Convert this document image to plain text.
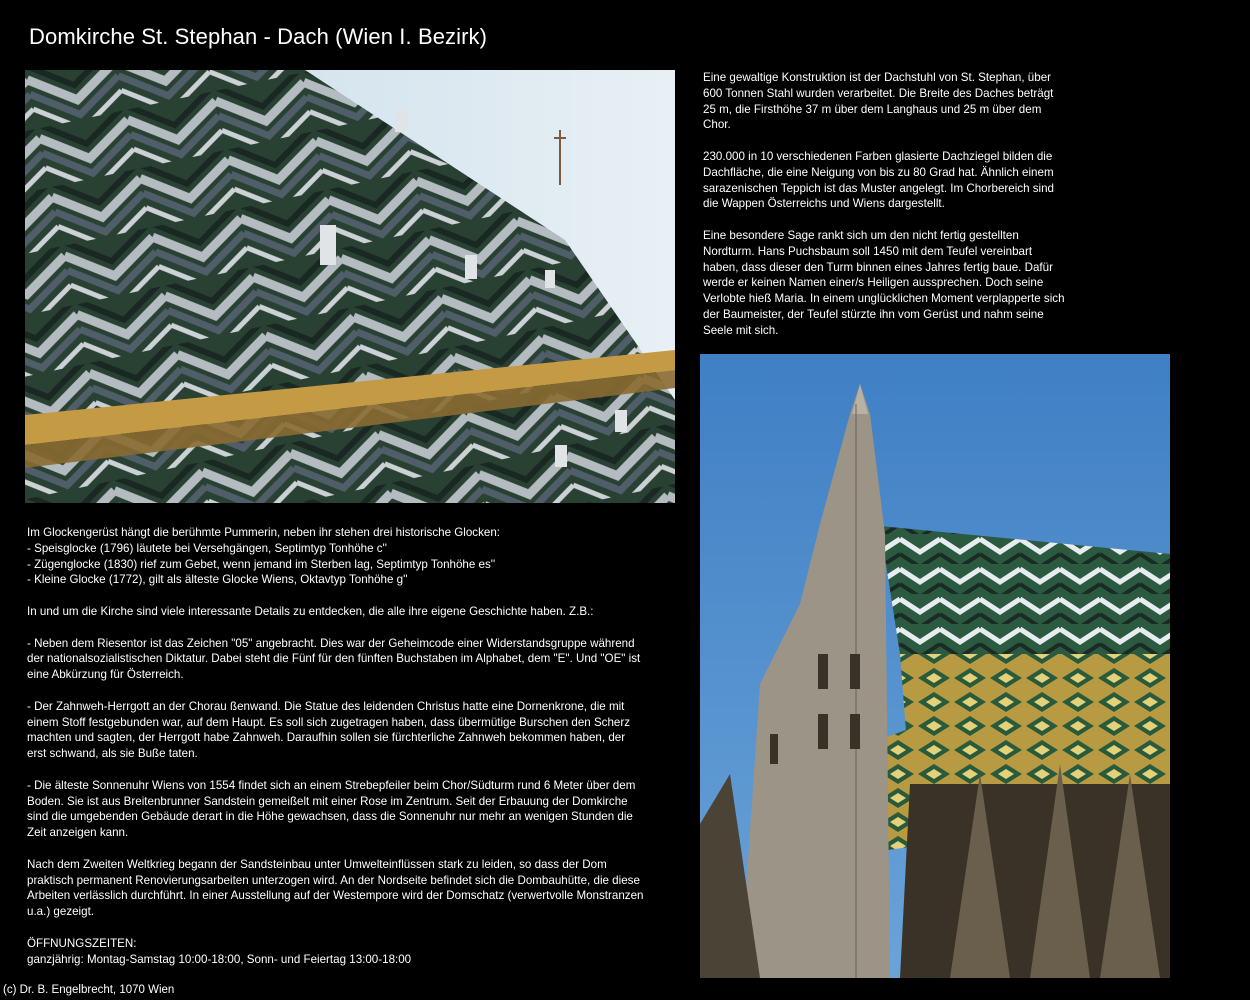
Domkirche St. Stephan - Dach (Wien I. Bezirk)

Eine gewaltige Konstruktion ist der Dachstuhl von St. Stephan, über 600 Tonnen Stahl wurden verarbeitet. Die Breite des Daches beträgt 25 m, die Firsthöhe 37 m über dem Langhaus und 25 m über dem Chor.

230.000 in 10 verschiedenen Farben glasierte Dachziegel bilden die Dachfläche, die eine Neigung von bis zu 80 Grad hat. Ähnlich einem sarazenischen Teppich ist das Muster angelegt. Im Chorbereich sind die Wappen Österreichs und Wiens dargestellt.

Eine besondere Sage rankt sich um den nicht fertig gestellten Nordturm. Hans Puchsbaum soll 1450 mit dem Teufel vereinbart haben, dass dieser den Turm binnen eines Jahres fertig baue. Dafür werde er keinen Namen einer/s Heiligen aussprechen. Doch seine Verlobte hieß Maria. In einem unglücklichen Moment verplapperte sich der Baumeister, der Teufel stürzte ihn vom Gerüst und nahm seine Seele mit sich.

Im Glockengerüst hängt die berühmte Pummerin, neben ihr stehen drei historische Glocken:
- Speisglocke (1796) läutete bei Versehgängen, Septimtyp Tonhöhe c''
- Zügenglocke (1830) rief zum Gebet, wenn jemand im Sterben lag, Septimtyp Tonhöhe es''
- Kleine Glocke (1772), gilt als älteste Glocke Wiens, Oktavtyp Tonhöhe g''

In und um die Kirche sind viele interessante Details zu entdecken, die alle ihre eigene Geschichte haben. Z.B.:

- Neben dem Riesentor ist das Zeichen "05" angebracht. Dies war der Geheimcode einer Widerstandsgruppe während der nationalsozialistischen Diktatur. Dabei steht die Fünf für den fünften Buchstaben im Alphabet, dem "E". Und "OE" ist eine Abkürzung für Österreich.

- Der Zahnweh-Herrgott an der Chorau ßenwand. Die Statue des leidenden Christus hatte eine Dornenkrone, die mit einem Stoff festgebunden war, auf dem Haupt. Es soll sich zugetragen haben, dass übermütige Burschen den Scherz machten und sagten, der Herrgott habe Zahnweh. Daraufhin sollen sie fürchterliche Zahnweh bekommen haben, der erst schwand, als sie Buße taten.

- Die älteste Sonnenuhr Wiens von 1554 findet sich an einem Strebepfeiler beim Chor/Südturm rund 6 Meter über dem Boden. Sie ist aus Breitenbrunner Sandstein gemeißelt mit einer Rose im Zentrum. Seit der Erbauung der Domkirche sind die umgebenden Gebäude derart in die Höhe gewachsen, dass die Sonnenuhr nur mehr an wenigen Stunden die Zeit anzeigen kann.

Nach dem Zweiten Weltkrieg begann der Sandsteinbau unter Umwelteinflüssen stark zu leiden, so dass der Dom praktisch permanent Renovierungsarbeiten unterzogen wird. An der Nordseite befindet sich die Dombauhütte, die diese Arbeiten verlässlich durchführt. In einer Ausstellung auf der Westempore wird der Domschatz (verwertvolle Monstranzen u.a.) gezeigt.

ÖFFNUNGSZEITEN:
ganzjährig: Montag-Samstag 10:00-18:00, Sonn- und Feiertag 13:00-18:00

(c) Dr. B. Engelbrecht, 1070 Wien
